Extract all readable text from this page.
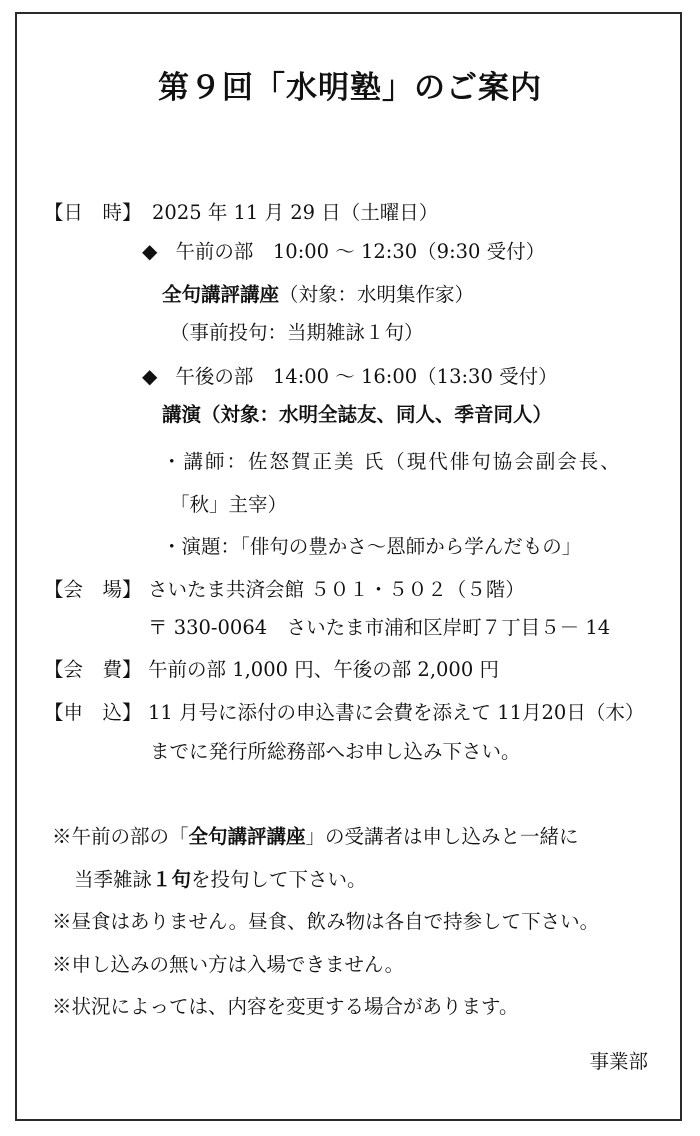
第９回「水明塾」のご案内
【日　時】 2025 年 11 月 29 日（土曜日）
◆ 午前の部　10:00 ～ 12:30（9:30 受付）
全句講評講座（対象：水明集作家）
（事前投句：当期雑詠１句）
◆ 午後の部　14:00 ～ 16:00（13:30 受付）
講演（対象：水明全誌友、同人、季音同人）
・講師：佐怒賀正美 氏（現代俳句協会副会長、
「秋」主宰）
・演題：「俳句の豊かさ～恩師から学んだもの」
【会　場】 さいたま共済会館 ５０１・５０２（５階）
〒 330-0064　さいたま市浦和区岸町７丁目５－ 14
【会　費】 午前の部 1,000 円、午後の部 2,000 円
【申　込】 11 月号に添付の申込書に会費を添えて 11月20日（木）
までに発行所総務部へお申し込み下さい。
※午前の部の「全句講評講座」の受講者は申し込みと一緒に
当季雑詠１句を投句して下さい。
※昼食はありません。昼食、飲み物は各自で持参して下さい。
※申し込みの無い方は入場できません。
※状況によっては、内容を変更する場合があります。
事業部
